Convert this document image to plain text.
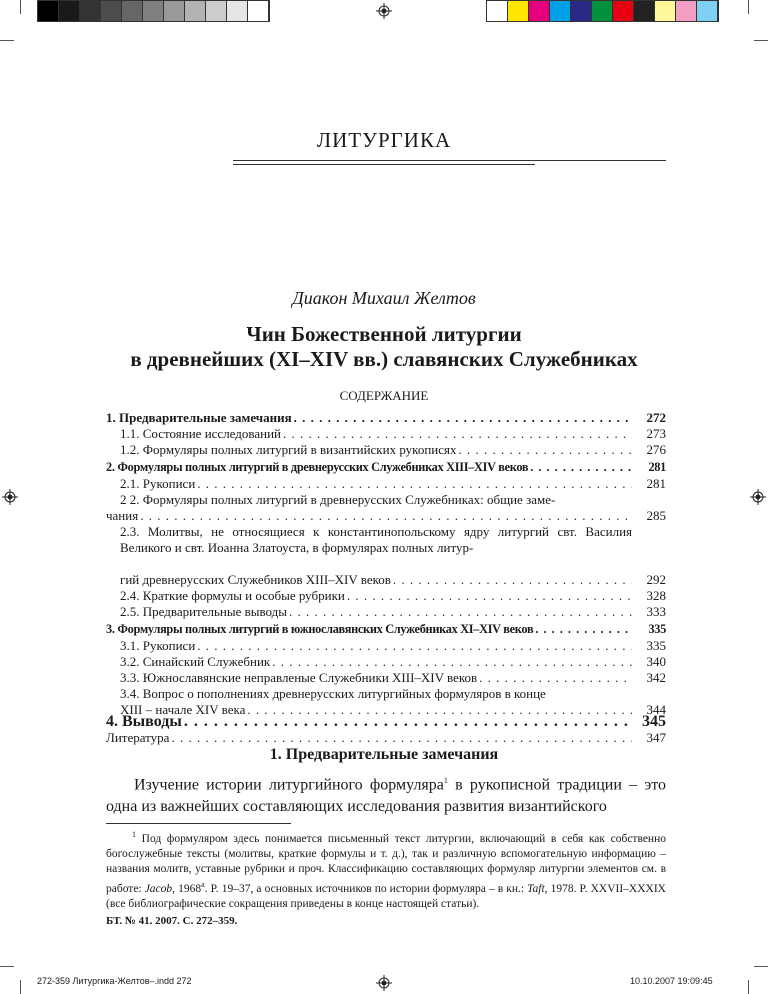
ЛИТУРГИКА
Диакон Михаил Желтов
Чин Божественной литургии
в древнейших (XI–XIV вв.) славянских Служебниках
СОДЕРЖАНИЕ
1. Предварительные замечания . . .	272
1.1. Состояние исследований . . .	273
1.2. Формуляры полных литургий в византийских рукописях . . .	276
2. Формуляры полных литургий в древнерусских Служебниках XIII–XIV веков . . .	281
2.1. Рукописи . . .	281
2 2. Формуляры полных литургий в древнерусских Служебниках: общие заме-
чания . . .	285
2.3. Молитвы, не относящиеся к константинопольскому ядру литургий свт. Василия Великого и свт. Иоанна Златоуста, в формулярах полных литур-
гий древнерусских Служебников XIII–XIV веков . . .	292
2.4. Краткие формулы и особые рубрики . . .	328
2.5. Предварительные выводы . . .	333
3. Формуляры полных литургий в южнославянских Служебниках XI–XIV веков . . .	335
3.1. Рукописи . . .	335
3.2. Синайский Служебник . . .	340
3.3. Южнославянские неправленые Служебники XIII–XIV веков . . .	342
3.4. Вопрос о пополнениях древнерусских литургийных формуляров в конце
XIII – начале XIV века . . .	344
4. Выводы . . .	345
Литература . . .	347
1. Предварительные замечания
Изучение истории литургийного формуляра$^1$ в рукописной традиции – это одна из важнейших составляющих исследования развития византийского
$^1$ Под формуляром здесь понимается письменный текст литургии, включающий в себя как собственно богослужебные тексты (молитвы, краткие формулы и т. д.), так и различную вспомогательную информацию – названия молитв, уставные рубрики и проч. Классификацию составляющих формуляр литургии элементов см. в работе: Jacob, 1968$^a$. P. 19–37, а основных источников по истории формуляра – в кн.: Taft, 1978. P. XXVII–XXXIX (все библиографические сокращения приведены в конце настоящей статьи).
БТ. № 41. 2007. С. 272–359.
272-359 Литургика-Желтов–.indd 272	10.10.2007 19:09:45
